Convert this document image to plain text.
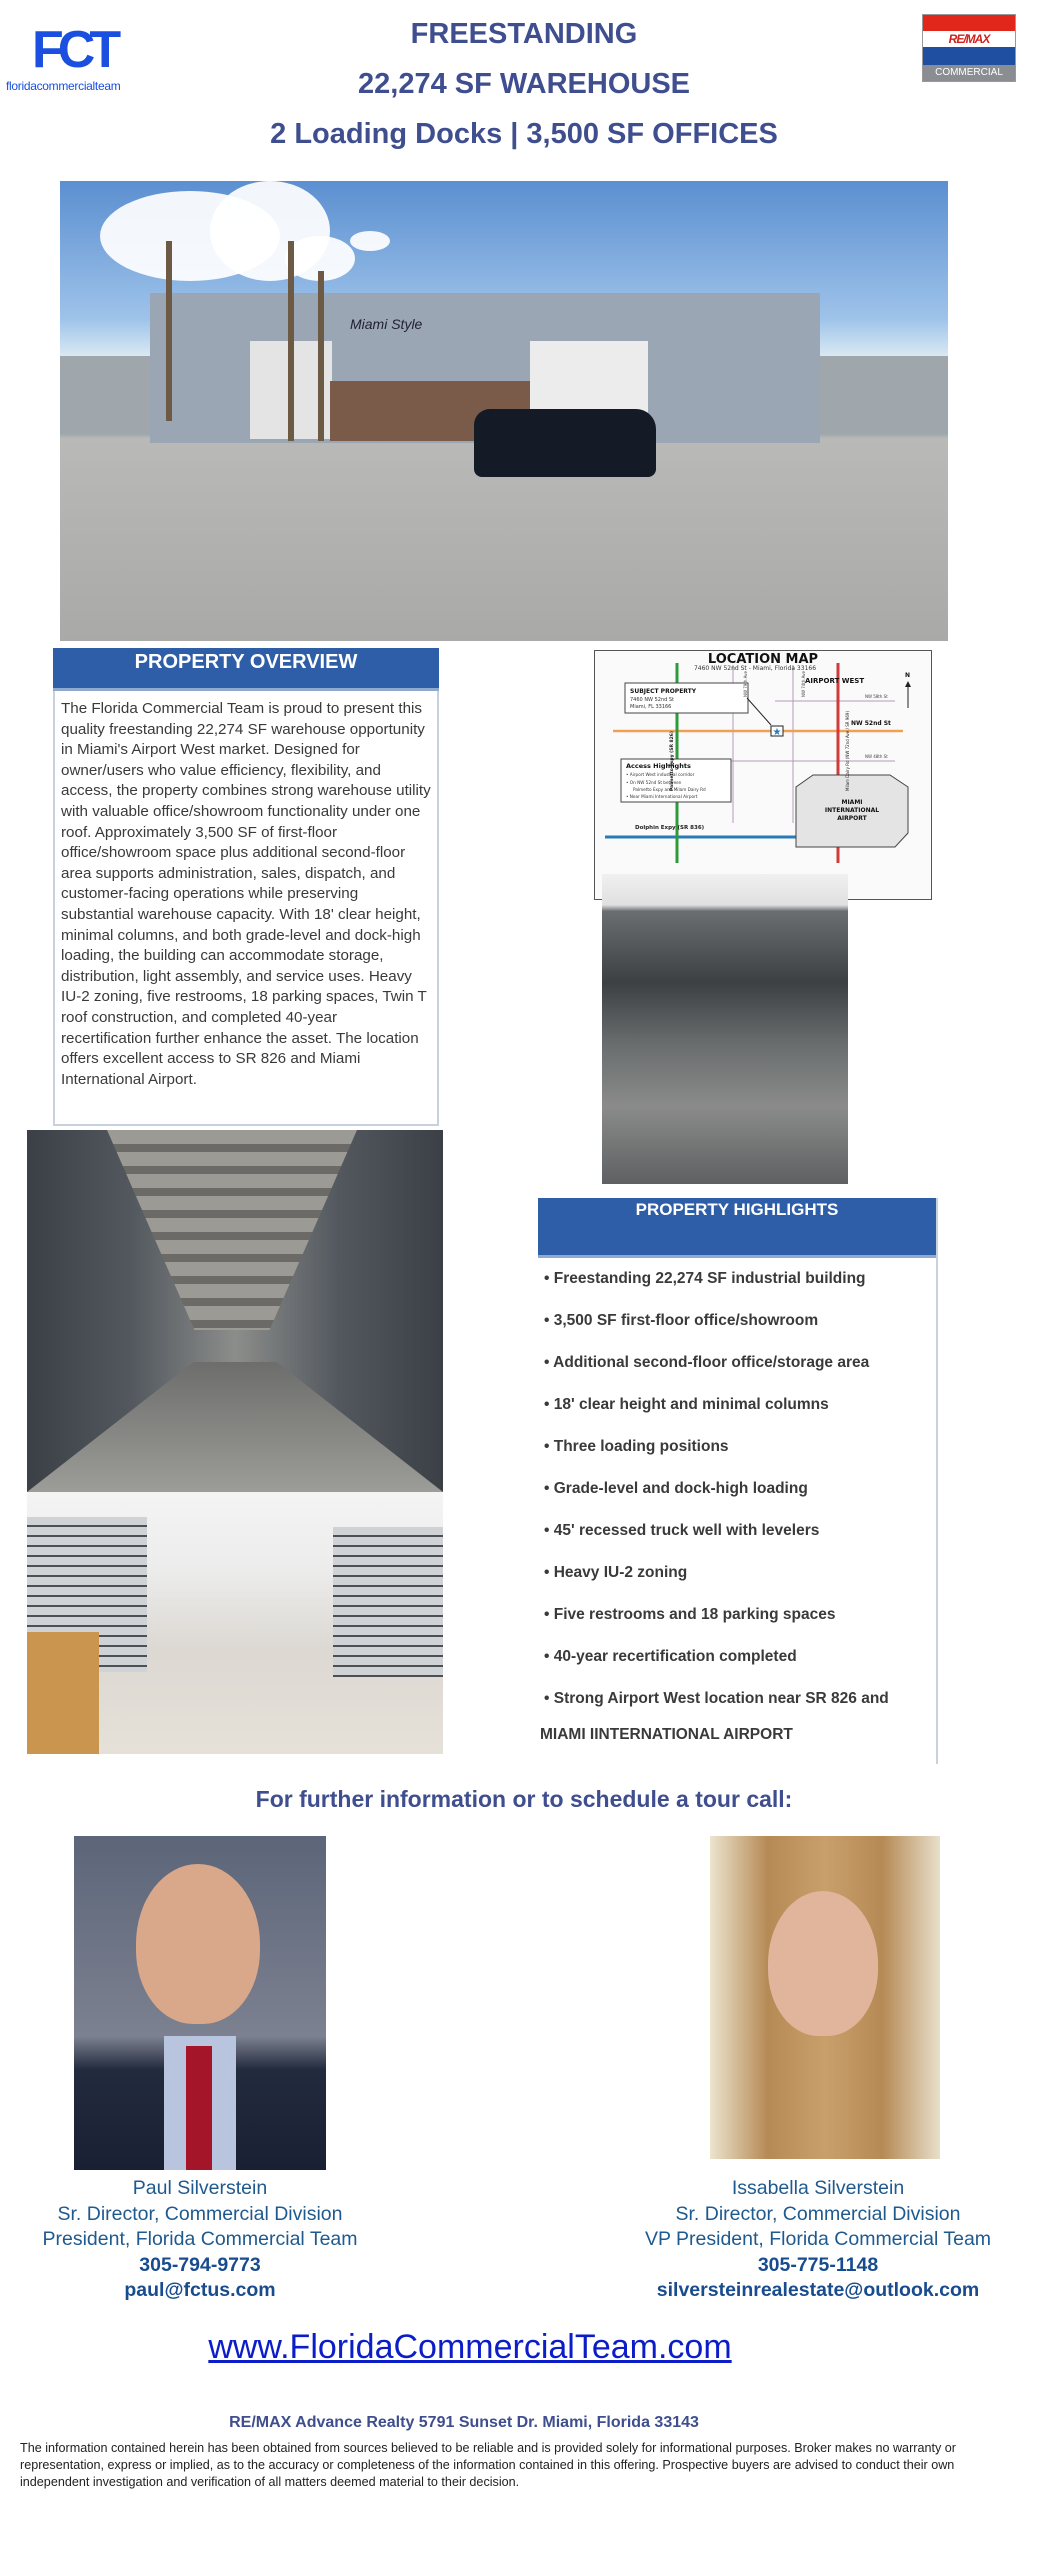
FCT
floridacommercialteam
FREESTANDING
22,274 SF WAREHOUSE
2 Loading Docks | 3,500 SF OFFICES
RE/MAX
COMMERCIAL
Miami Style
PROPERTY OVERVIEW
The Florida Commercial Team is proud to present this quality freestanding 22,274 SF warehouse opportunity in Miami's Airport West market. Designed for owner/users who value efficiency, flexibility, and access, the property combines strong warehouse utility with valuable office/showroom functionality under one roof. Approximately 3,500 SF of first-floor office/showroom space plus additional second-floor area supports administration, sales, dispatch, and customer-facing operations while preserving substantial warehouse capacity. With 18' clear height, minimal columns, and both grade-level and dock-high loading, the building can accommodate storage, distribution, light assembly, and service uses. Heavy IU-2 zoning, five restrooms, 18 parking spaces, Twin T roof construction, and completed 40-year recertification further enhance the asset. The location offers excellent access to SR 826 and Miami International Airport.
★
LOCATION MAP
7460 NW 52nd St - Miami, Florida 33166
AIRPORT WEST
N
SUBJECT PROPERTY
7460 NW 52nd St
Miami, FL 33166
NW 52nd St
NW 58th St
NW 48th St
Dolphin Expy (SR 836)
Access Highlights
• Airport West industrial corridor
• On NW 52nd St between
Palmetto Expy and Milam Dairy Rd
• Near Miami International Airport
MIAMI
INTERNATIONAL
AIRPORT
NW 79th Ave	NW 74th Ave
Palmetto Expy (SR 826)	Milam Dairy Rd (NW 72nd Ave / SR 969)
PROPERTY HIGHLIGHTS
• Freestanding 22,274 SF industrial building
• 3,500 SF first-floor office/showroom
• Additional second-floor office/storage area
• 18' clear height and minimal columns
• Three loading positions
• Grade-level and dock-high loading
• 45' recessed truck well with levelers
• Heavy IU-2 zoning
• Five restrooms and 18 parking spaces
• 40-year recertification completed
• Strong Airport West location near SR 826 and
MIAMI IINTERNATIONAL AIRPORT
For further information or to schedule a tour call:
Paul Silverstein
Sr. Director, Commercial Division
President, Florida Commercial Team
305-794-9773
paul@fctus.com
Issabella Silverstein
Sr. Director, Commercial Division
VP President, Florida Commercial Team
305-775-1148
silversteinrealestate@outlook.com
www.FloridaCommercialTeam.com
RE/MAX Advance Realty 5791 Sunset Dr. Miami, Florida 33143
The information contained herein has been obtained from sources believed to be reliable and is provided solely for informational purposes. Broker makes no warranty or representation, express or implied, as to the accuracy or completeness of the information contained in this offering. Prospective buyers are advised to conduct their own independent investigation and verification of all matters deemed material to their decision.
